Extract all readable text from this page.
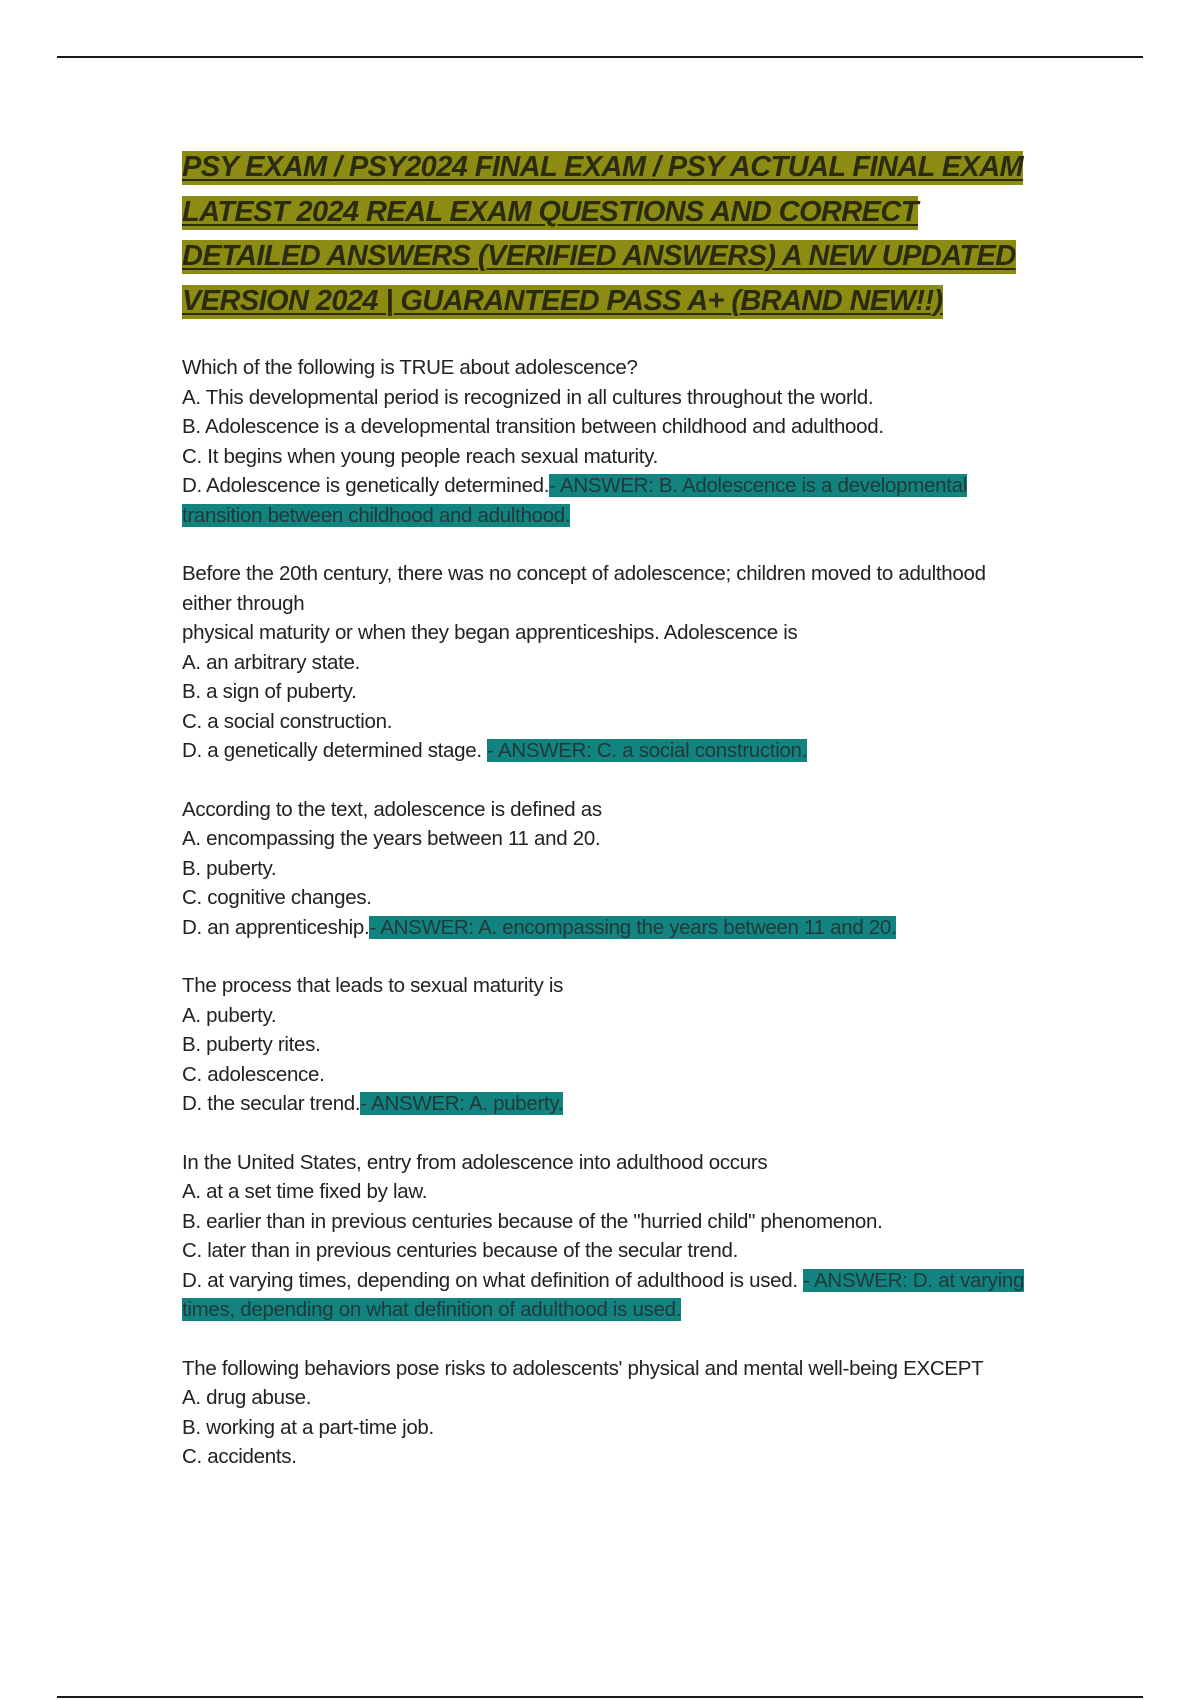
PSY EXAM / PSY2024 FINAL EXAM / PSY ACTUAL FINAL EXAM LATEST 2024 REAL EXAM QUESTIONS AND CORRECT DETAILED ANSWERS (VERIFIED ANSWERS) A NEW UPDATED VERSION 2024 | GUARANTEED PASS A+ (BRAND NEW!!)
Which of the following is TRUE about adolescence?
A. This developmental period is recognized in all cultures throughout the world.
B. Adolescence is a developmental transition between childhood and adulthood.
C. It begins when young people reach sexual maturity.
D. Adolescence is genetically determined.- ANSWER: B. Adolescence is a developmental transition between childhood and adulthood.
Before the 20th century, there was no concept of adolescence; children moved to adulthood either through
physical maturity or when they began apprenticeships. Adolescence is
A. an arbitrary state.
B. a sign of puberty.
C. a social construction.
D. a genetically determined stage. - ANSWER: C. a social construction.
According to the text, adolescence is defined as
A. encompassing the years between 11 and 20.
B. puberty.
C. cognitive changes.
D. an apprenticeship.- ANSWER: A. encompassing the years between 11 and 20.
The process that leads to sexual maturity is
A. puberty.
B. puberty rites.
C. adolescence.
D. the secular trend.- ANSWER: A. puberty.
In the United States, entry from adolescence into adulthood occurs
A. at a set time fixed by law.
B. earlier than in previous centuries because of the "hurried child" phenomenon.
C. later than in previous centuries because of the secular trend.
D. at varying times, depending on what definition of adulthood is used. - ANSWER: D. at varying times, depending on what definition of adulthood is used.
The following behaviors pose risks to adolescents' physical and mental well-being EXCEPT
A. drug abuse.
B. working at a part-time job.
C. accidents.
